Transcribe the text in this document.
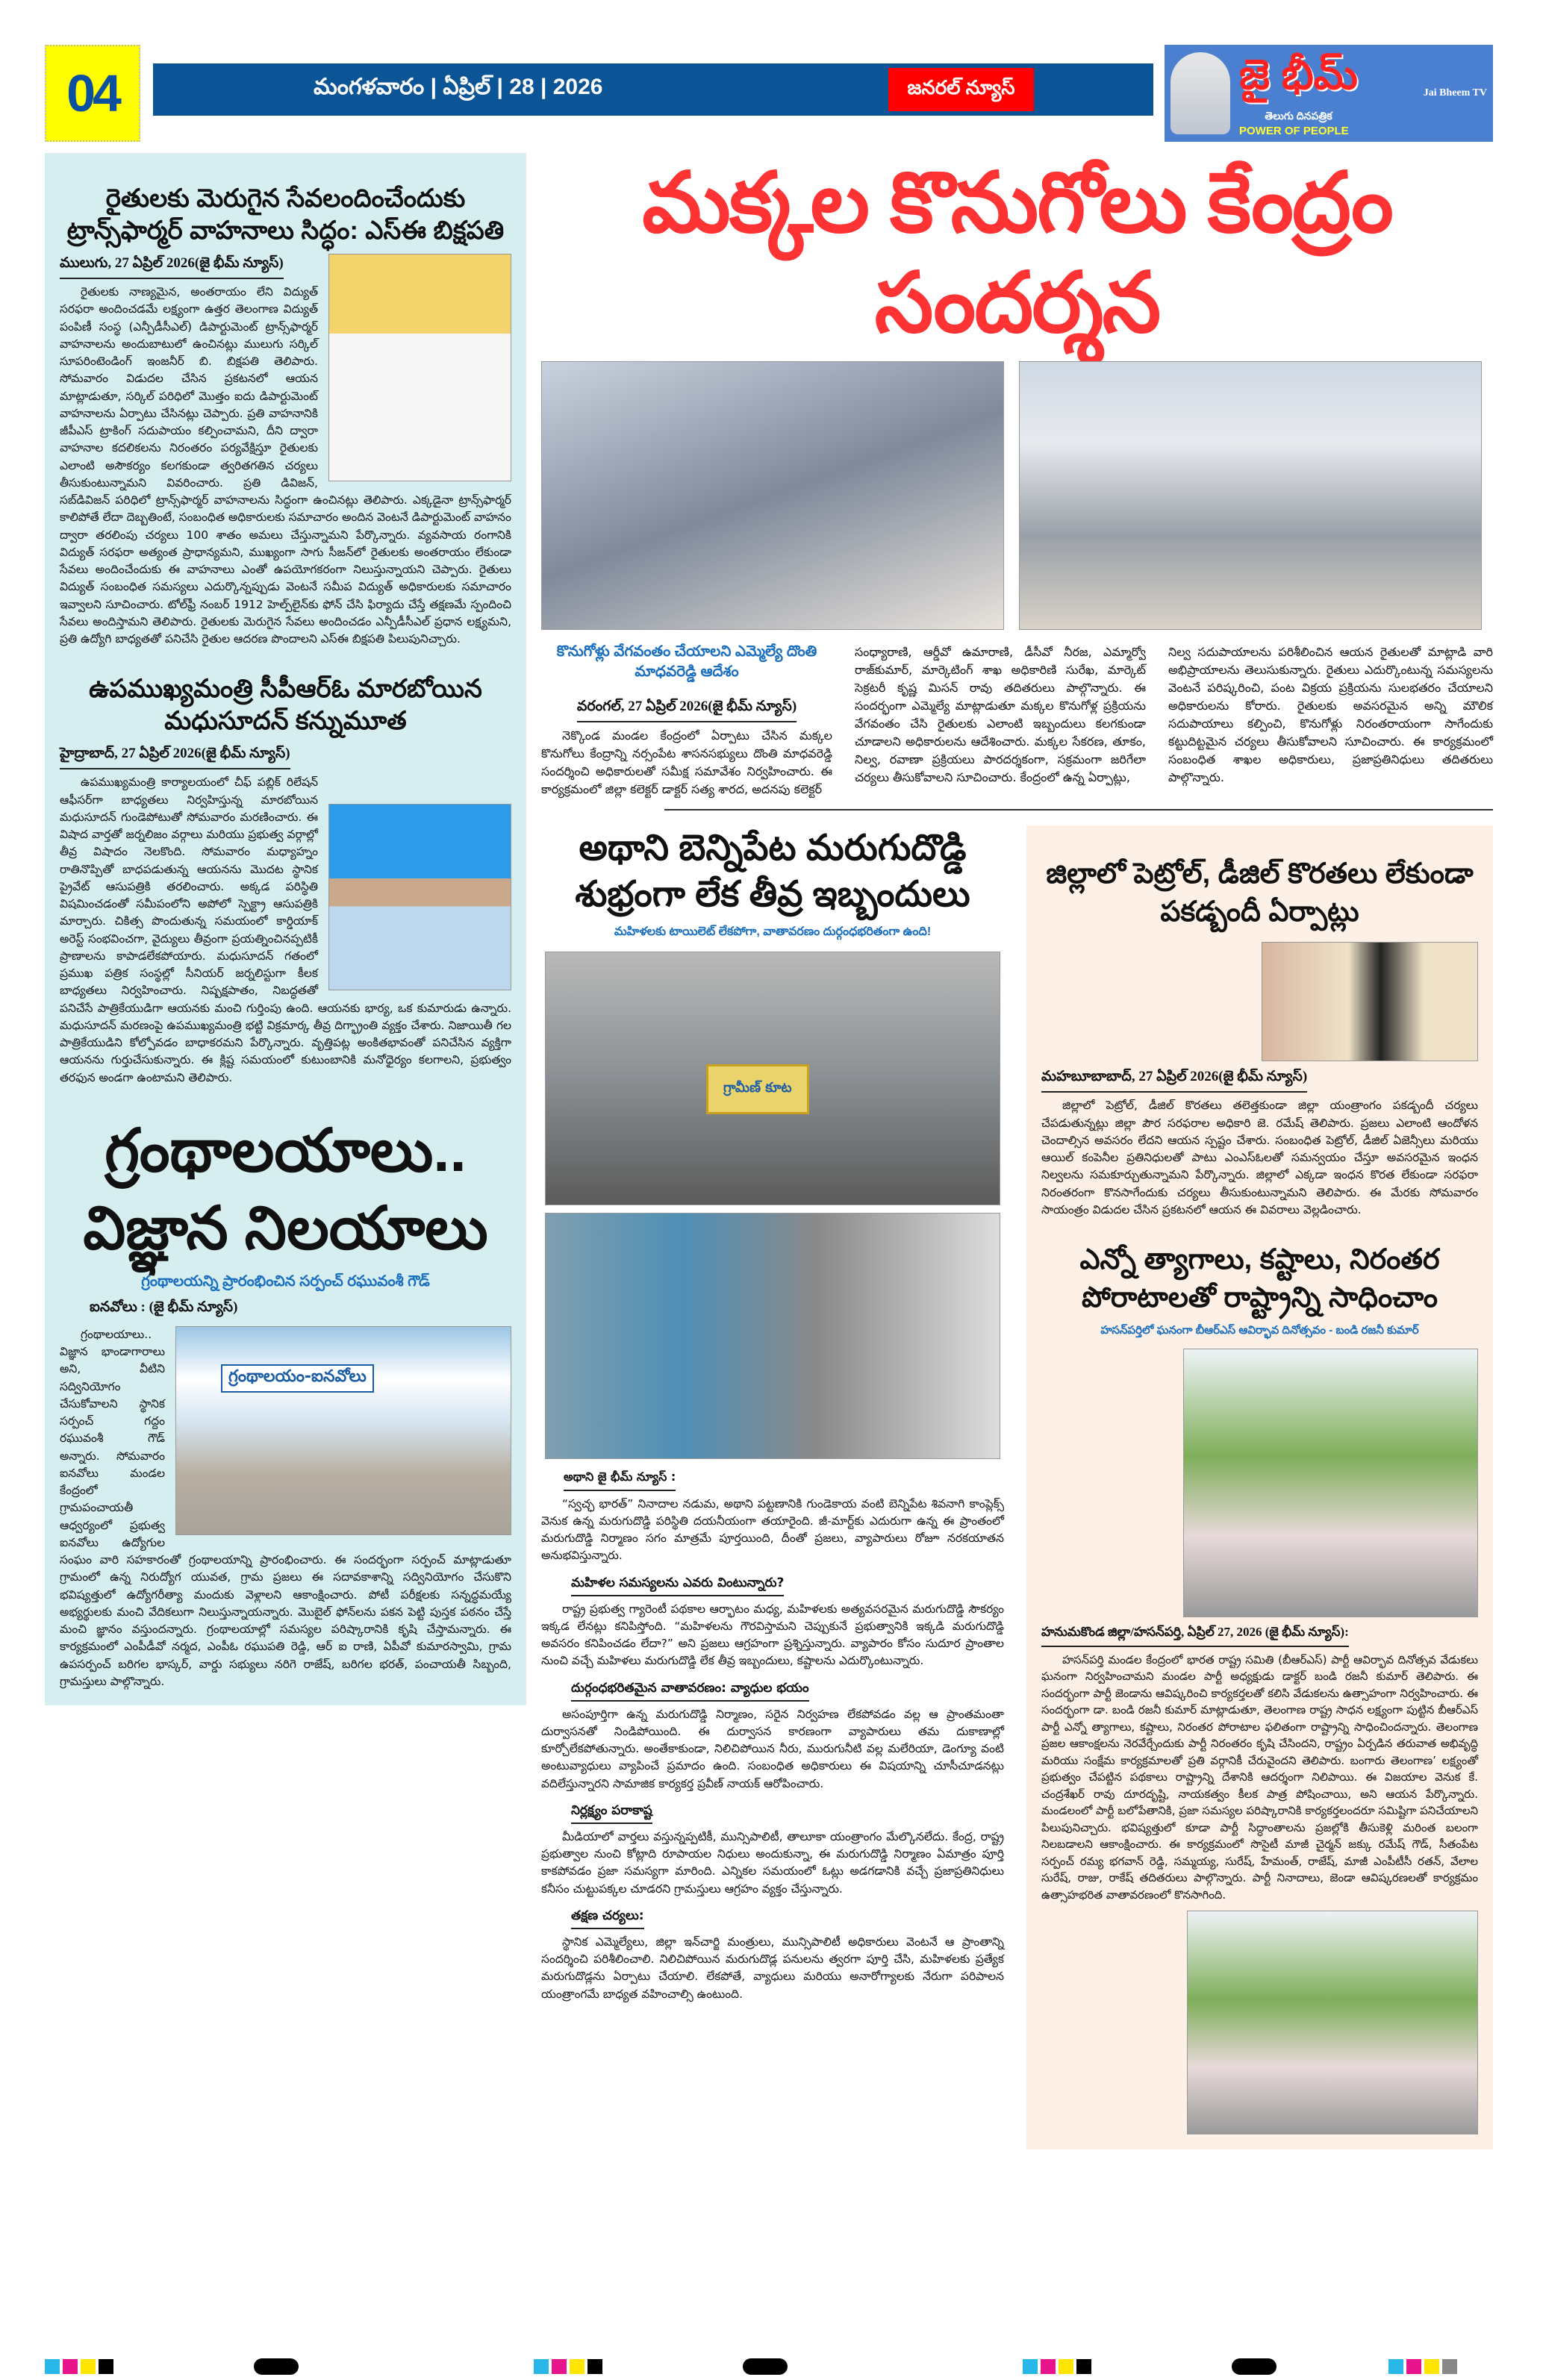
04	మంగళవారం | ఏప్రిల్ | 28 | 2026	జనరల్ న్యూస్	జై భీమ్
తెలుగు దినపత్రిక
POWER OF PEOPLE
Jai Bheem TV
రైతులకు మెరుగైన సేవలందించేందుకు ట్రాన్స్‌ఫార్మర్ వాహనాలు సిద్ధం: ఎస్ఈ బిక్షపతి
ములుగు, 27 ఏప్రిల్ 2026(జై భీమ్ న్యూస్)

రైతులకు నాణ్యమైన, అంతరాయం లేని విద్యుత్ సరఫరా అందించడమే లక్ష్యంగా ఉత్తర తెలంగాణ విద్యుత్ పంపిణీ సంస్థ (ఎన్పీడీసీఎల్) డిపార్టుమెంట్ ట్రాన్స్‌ఫార్మర్ వాహనాలను అందుబాటులో ఉంచినట్లు ములుగు సర్కిల్ సూపరింటెండింగ్ ఇంజనీర్ బి. బిక్షపతి తెలిపారు. సోమవారం విడుదల చేసిన ప్రకటనలో ఆయన మాట్లాడుతూ, సర్కిల్ పరిధిలో మొత్తం ఐదు డిపార్టుమెంట్ వాహనాలను ఏర్పాటు చేసినట్లు చెప్పారు. ప్రతి వాహనానికి జీపీఎస్ ట్రాకింగ్ సదుపాయం కల్పించామని, దీని ద్వారా వాహనాల కదలికలను నిరంతరం పర్యవేక్షిస్తూ రైతులకు ఎలాంటి అసౌకర్యం కలగకుండా త్వరితగతిన చర్యలు తీసుకుంటున్నామని వివరించారు. ప్రతి డివిజన్, సబ్‌డివిజన్ పరిధిలో ట్రాన్స్‌ఫార్మర్ వాహనాలను సిద్ధంగా ఉంచినట్లు తెలిపారు. ఎక్కడైనా ట్రాన్స్‌ఫార్మర్ కాలిపోతే లేదా దెబ్బతింటే, సంబంధిత అధికారులకు సమాచారం అందిన వెంటనే డిపార్టుమెంట్ వాహనం ద్వారా తరలింపు చర్యలు 100 శాతం అమలు చేస్తున్నామని పేర్కొన్నారు. వ్యవసాయ రంగానికి విద్యుత్ సరఫరా అత్యంత ప్రాధాన్యమని, ముఖ్యంగా సాగు సీజన్‌లో రైతులకు అంతరాయం లేకుండా సేవలు అందించేందుకు ఈ వాహనాలు ఎంతో ఉపయోగకరంగా నిలుస్తున్నాయని చెప్పారు. రైతులు విద్యుత్ సంబంధిత సమస్యలు ఎదుర్కొన్నప్పుడు వెంటనే సమీప విద్యుత్ అధికారులకు సమాచారం ఇవ్వాలని సూచించారు. టోల్‌ఫ్రీ నంబర్ 1912 హెల్ప్‌లైన్‌కు ఫోన్ చేసి ఫిర్యాదు చేస్తే తక్షణమే స్పందించి సేవలు అందిస్తామని తెలిపారు. రైతులకు మెరుగైన సేవలు అందించడం ఎన్పీడీసీఎల్ ప్రధాన లక్ష్యమని, ప్రతి ఉద్యోగి బాధ్యతతో పనిచేసి రైతుల ఆదరణ పొందాలని ఎస్ఈ బిక్షపతి పిలుపునిచ్చారు.

ఉపముఖ్యమంత్రి సీపీఆర్ఓ మారబోయిన మధుసూదన్ కన్నుమూత
హైద్రాబాద్, 27 ఏప్రిల్ 2026(జై భీమ్ న్యూస్)

ఉపముఖ్యమంత్రి కార్యాలయంలో చీఫ్ పబ్లిక్ రిలేషన్ ఆఫీసర్‌గా బాధ్యతలు నిర్వహిస్తున్న మారబోయిన మధుసూదన్ గుండెపోటుతో సోమవారం మరణించారు. ఈ విషాద వార్తతో జర్నలిజం వర్గాలు మరియు ప్రభుత్వ వర్గాల్లో తీవ్ర విషాదం నెలకొంది. సోమవారం మధ్యాహ్నం రాతినొప్పితో బాధపడుతున్న ఆయనను మొదట స్థానిక ప్రైవేట్ ఆసుపత్రికి తరలించారు. అక్కడ పరిస్థితి విషమించడంతో సమీపంలోని అపోలో స్పెక్ట్రా ఆసుపత్రికి మార్చారు. చికిత్స పొందుతున్న సమయంలో కార్డియాక్ అరెస్ట్ సంభవించగా, వైద్యులు తీవ్రంగా ప్రయత్నించినప్పటికీ ప్రాణాలను కాపాడలేకపోయారు. మధుసూదన్ గతంలో ప్రముఖ పత్రిక సంస్థల్లో సీనియర్ జర్నలిస్టుగా కీలక బాధ్యతలు నిర్వహించారు. నిష్పక్షపాతం, నిబద్ధతతో పనిచేసే పాత్రికేయుడిగా ఆయనకు మంచి గుర్తింపు ఉంది. ఆయనకు భార్య, ఒక కుమారుడు ఉన్నారు. మధుసూదన్ మరణంపై ఉపముఖ్యమంత్రి భట్టి విక్రమార్క తీవ్ర దిగ్భ్రాంతి వ్యక్తం చేశారు. నిజాయితీ గల పాత్రికేయుడిని కోల్పోవడం బాధాకరమని పేర్కొన్నారు. వృత్తిపట్ల అంకితభావంతో పనిచేసిన వ్యక్తిగా ఆయనను గుర్తుచేసుకున్నారు. ఈ క్లిష్ట సమయంలో కుటుంబానికి మనోధైర్యం కలగాలని, ప్రభుత్వం తరఫున అండగా ఉంటామని తెలిపారు.

గ్రంథాలయాలు..
విజ్ఞాన నిలయాలు
గ్రంథాలయన్ని ప్రారంభించిన సర్పంచ్ రఘువంశీ గౌడ్
ఐనవోలు : (జై భీమ్ న్యూస్)
గ్రంథాలయం-ఐనవోలు

గ్రంథాలయాలు.. విజ్ఞాన భాండాగారాలు అని, వీటిని సద్వినియోగం చేసుకోవాలని స్థానిక సర్పంచ్ గద్దం రఘువంశీ గౌడ్ అన్నారు. సోమవారం ఐనవోలు మండల కేంద్రంలో గ్రామపంచాయతీ ఆధ్వర్యంలో ప్రభుత్వ ఐనవోలు ఉద్యోగుల సంఘం వారి సహకారంతో గ్రంథాలయాన్ని ప్రారంభించారు. ఈ సందర్భంగా సర్పంచ్ మాట్లాడుతూ గ్రామంలో ఉన్న నిరుద్యోగ యువత, గ్రామ ప్రజలు ఈ సదావకాశాన్ని సద్వినియోగం చేసుకొని భవిష్యత్తులో ఉద్యోగరీత్యా మందుకు వెళ్లాలని ఆకాంక్షించారు. పోటీ పరీక్షలకు సన్నద్ధమయ్యే అభ్యర్థులకు మంచి వేదికలుగా నిలుస్తున్నాయన్నారు. మొబైల్ ఫోన్‌లను పకన పెట్టి పుస్తక పఠనం చేస్తే మంచి జ్ఞానం వస్తుందన్నారు. గ్రంథాలయాల్లో సమస్యల పరిష్కారానికి కృషి చేస్తామన్నారు. ఈ కార్యక్రమంలో ఎంపీడీవో నర్మద, ఎంపీఓ రఘుపతి రెడ్డి, ఆర్ ఐ రాణి, ఏపీవో కుమారస్వామి, గ్రామ ఉపసర్పంచ్ బరిగల భాస్కర్, వార్డు సభ్యులు నరిగె రాజేష్, బరిగల భరత్, పంచాయతీ సిబ్బంది, గ్రామస్తులు పాల్గొన్నారు.

మక్కల కొనుగోలు కేంద్రం సందర్శన
కొనుగోళ్లు వేగవంతం చేయాలని ఎమ్మెల్యే దొంతి మాధవరెడ్డి ఆదేశం
వరంగల్, 27 ఏప్రిల్ 2026(జై భీమ్ న్యూస్)

నెక్కొండ మండల కేంద్రంలో ఏర్పాటు చేసిన మక్కల కొనుగోలు కేంద్రాన్ని నర్సంపేట శాసనసభ్యులు దొంతి మాధవరెడ్డి సందర్శించి అధికారులతో సమీక్ష సమావేశం నిర్వహించారు. ఈ కార్యక్రమంలో జిల్లా కలెక్టర్ డాక్టర్ సత్య శారద, అదనపు కలెక్టర్

సంధ్యారాణి, ఆర్డీవో ఉమారాణి, డీసీవో నీరజ, ఎమ్మార్వో రాజ్‌కుమార్, మార్కెటింగ్ శాఖ అధికారిణి సురేఖ, మార్కెట్ సెక్రటరీ కృష్ణ మిసన్ రావు తదితరులు పాల్గొన్నారు. ఈ సందర్భంగా ఎమ్మెల్యే మాట్లాడుతూ మక్కల కొనుగోళ్ల ప్రక్రియను వేగవంతం చేసి రైతులకు ఎలాంటి ఇబ్బందులు కలగకుండా చూడాలని అధికారులను ఆదేశించారు. మక్కల సేకరణ, తూకం, నిల్వ, రవాణా ప్రక్రియలు పారదర్శకంగా, సక్రమంగా జరిగేలా చర్యలు తీసుకోవాలని సూచించారు. కేంద్రంలో ఉన్న ఏర్పాట్లు,

నిల్వ సదుపాయాలను పరిశీలించిన ఆయన రైతులతో మాట్లాడి వారి అభిప్రాయాలను తెలుసుకున్నారు. రైతులు ఎదుర్కొంటున్న సమస్యలను వెంటనే పరిష్కరించి, పంట విక్రయ ప్రక్రియను సులభతరం చేయాలని అధికారులను కోరారు. రైతులకు అవసరమైన అన్ని మౌలిక సదుపాయాలు కల్పించి, కొనుగోళ్లు నిరంతరాయంగా సాగేందుకు కట్టుదిట్టమైన చర్యలు తీసుకోవాలని సూచించారు. ఈ కార్యక్రమంలో సంబంధిత శాఖల అధికారులు, ప్రజాప్రతినిధులు తదితరులు పాల్గొన్నారు.

అథాని బెన్నిపేట మరుగుదొడ్డి శుభ్రంగా లేక తీవ్ర ఇబ్బందులు
మహిళలకు టాయిలెట్ లేకపోగా, వాతావరణం దుర్గంధభరితంగా ఉంది!
గ్రామీణ్ కూట
అథాని జై భీమ్ న్యూస్ :

“స్వచ్ఛ భారత్” నినాదాల నడుమ, అథాని పట్టణానికి గుండెకాయ వంటి బెన్నిపేట శివనాగి కాంప్లెక్స్ వెనుక ఉన్న మరుగుదొడ్డి పరిస్థితి దయనీయంగా తయారైంది. జీ-మార్ట్‌కు ఎదురుగా ఉన్న ఈ ప్రాంతంలో మరుగుదొడ్డి నిర్మాణం సగం మాత్రమే పూర్తయింది, దీంతో ప్రజలు, వ్యాపారులు రోజూ నరకయాతన అనుభవిస్తున్నారు.

మహిళల సమస్యలను ఎవరు వింటున్నారు?

రాష్ట్ర ప్రభుత్వ గ్యారెంటీ పథకాల ఆర్భాటం మధ్య, మహిళలకు అత్యవసరమైన మరుగుదొడ్డి సౌకర్యం ఇక్కడ లేనట్లు కనిపిస్తోంది. “మహిళలను గౌరవిస్తామని చెప్పుకునే ప్రభుత్వానికి ఇక్కడి మరుగుదొడ్డి అవసరం కనిపించడం లేదా?” అని ప్రజలు ఆగ్రహంగా ప్రశ్నిస్తున్నారు. వ్యాపారం కోసం సుదూర ప్రాంతాల నుంచి వచ్చే మహిళలు మరుగుదొడ్డి లేక తీవ్ర ఇబ్బందులు, కష్టాలను ఎదుర్కొంటున్నారు.

దుర్గంధభరితమైన వాతావరణం: వ్యాధుల భయం

అసంపూర్తిగా ఉన్న మరుగుదొడ్డి నిర్మాణం, సరైన నిర్వహణ లేకపోవడం వల్ల ఆ ప్రాంతమంతా దుర్వాసనతో నిండిపోయింది. ఈ దుర్వాసన కారణంగా వ్యాపారులు తమ దుకాణాల్లో కూర్చోలేకపోతున్నారు. అంతేకాకుండా, నిలిచిపోయిన నీరు, మురుగునీటి వల్ల మలేరియా, డెంగ్యూ వంటి అంటువ్యాధులు వ్యాపించే ప్రమాదం ఉంది. సంబంధిత అధికారులు ఈ విషయాన్ని చూసీచూడనట్లు వదిలేస్తున్నారని సామాజిక కార్యకర్త ప్రవీణ్ నాయక్ ఆరోపించారు.

నిర్లక్ష్యం పరాకాష్ట

మీడియాలో వార్తలు వస్తున్నప్పటికీ, మున్సిపాలిటీ, తాలూకా యంత్రాంగం మేల్కొనలేదు. కేంద్ర, రాష్ట్ర ప్రభుత్వాల నుంచి కోట్లాది రూపాయల నిధులు అందుకున్నా, ఈ మరుగుదొడ్డి నిర్మాణం ఏమాత్రం పూర్తి కాకపోవడం ప్రజా సమస్యగా మారింది. ఎన్నికల సమయంలో ఓట్లు అడగడానికి వచ్చే ప్రజాప్రతినిధులు కనీసం చుట్టుపక్కల చూడరని గ్రామస్తులు ఆగ్రహం వ్యక్తం చేస్తున్నారు.

తక్షణ చర్యలు:

స్థానిక ఎమ్మెల్యేలు, జిల్లా ఇన్‌చార్జి మంత్రులు, మున్సిపాలిటీ అధికారులు వెంటనే ఆ ప్రాంతాన్ని సందర్శించి పరిశీలించాలి. నిలిచిపోయిన మరుగుదొడ్ల పనులను త్వరగా పూర్తి చేసి, మహిళలకు ప్రత్యేక మరుగుదొడ్లను ఏర్పాటు చేయాలి. లేకపోతే, వ్యాధులు మరియు అనారోగ్యాలకు నేరుగా పరిపాలన యంత్రాంగమే బాధ్యత వహించాల్సి ఉంటుంది.

జిల్లాలో పెట్రోల్, డీజిల్ కొరతలు లేకుండా పకడ్బందీ ఏర్పాట్లు
మహబూబాబాద్, 27 ఏప్రిల్ 2026(జై భీమ్ న్యూస్)

జిల్లాలో పెట్రోల్, డీజిల్ కొరతలు తలెత్తకుండా జిల్లా యంత్రాంగం పకడ్బందీ చర్యలు చేపడుతున్నట్లు జిల్లా పౌర సరఫరాల అధికారి జె. రమేష్ తెలిపారు. ప్రజలు ఎలాంటి ఆందోళన చెందాల్సిన అవసరం లేదని ఆయన స్పష్టం చేశారు. సంబంధిత పెట్రోల్, డీజిల్ ఏజెన్సీలు మరియు ఆయిల్ కంపెనీల ప్రతినిధులతో పాటు ఎంఎస్ఓలతో సమన్వయం చేస్తూ అవసరమైన ఇంధన నిల్వలను సమకూర్చుతున్నామని పేర్కొన్నారు. జిల్లాలో ఎక్కడా ఇంధన కొరత లేకుండా సరఫరా నిరంతరంగా కొనసాగేందుకు చర్యలు తీసుకుంటున్నామని తెలిపారు. ఈ మేరకు సోమవారం సాయంత్రం విడుదల చేసిన ప్రకటనలో ఆయన ఈ వివరాలు వెల్లడించారు.

ఎన్నో త్యాగాలు, కష్టాలు, నిరంతర పోరాటాలతో రాష్ట్రాన్ని సాధించాం
హసన్‌పర్తిలో ఘనంగా బీఆర్ఎస్ ఆవిర్భావ దినోత్సవం - బండి రజనీ కుమార్
హనుమకొండ జిల్లా/హసన్‌పర్తి, ఏప్రిల్ 27, 2026 (జై భీమ్ న్యూస్):

హసన్‌పర్తి మండల కేంద్రంలో భారత రాష్ట్ర సమితి (బీఆర్ఎస్) పార్టీ ఆవిర్భావ దినోత్సవ వేడుకలు ఘనంగా నిర్వహించామని మండల పార్టీ అధ్యక్షుడు డాక్టర్ బండి రజనీ కుమార్ తెలిపారు. ఈ సందర్భంగా పార్టీ జెండాను ఆవిష్కరించి కార్యకర్తలతో కలిసి వేడుకలను ఉత్సాహంగా నిర్వహించారు. ఈ సందర్భంగా డా. బండి రజనీ కుమార్ మాట్లాడుతూ, తెలంగాణ రాష్ట్ర సాధన లక్ష్యంగా పుట్టిన బీఆర్ఎస్ పార్టీ ఎన్నో త్యాగాలు, కష్టాలు, నిరంతర పోరాటాల ఫలితంగా రాష్ట్రాన్ని సాధించిందన్నారు. తెలంగాణ ప్రజల ఆకాంక్షలను నెరవేర్చేందుకు పార్టీ నిరంతరం కృషి చేసిందని, రాష్ట్రం ఏర్పడిన తరువాత అభివృద్ధి మరియు సంక్షేమ కార్యక్రమాలతో ప్రతి వర్గానికీ చేరువైందని తెలిపారు. బంగారు తెలంగాణ’ లక్ష్యంతో ప్రభుత్వం చేపట్టిన పథకాలు రాష్ట్రాన్ని దేశానికి ఆదర్శంగా నిలిపాయి. ఈ విజయాల వెనుక కే. చంద్రశేఖర్ రావు దూరదృష్టి, నాయకత్వం కీలక పాత్ర పోషించాయి, అని ఆయన పేర్కొన్నారు. మండలంలో పార్టీ బలోపేతానికి, ప్రజా సమస్యల పరిష్కారానికి కార్యకర్తలందరూ సమిష్టిగా పనిచేయాలని పిలుపునిచ్చారు. భవిష్యత్తులో కూడా పార్టీ సిద్ధాంతాలను ప్రజల్లోకి తీసుకెళ్లి మరింత బలంగా నిలబడాలని ఆకాంక్షించారు. ఈ కార్యక్రమంలో సొసైటీ మాజీ చైర్మన్ జక్కు రమేష్ గౌడ్, సీతంపేట సర్పంచ్ రమ్య భగవాన్ రెడ్డి, సమ్మయ్య, సురేష్, హేమంత్, రాజేష్, మాజీ ఎంపీటీసీ రతన్, వేలాల సురేష్, రాజు, రాకేష్ తదితరులు పాల్గొన్నారు. పార్టీ నినాదాలు, జెండా ఆవిష్కరణలతో కార్యక్రమం ఉత్సాహభరిత వాతావరణంలో కొనసాగింది.
